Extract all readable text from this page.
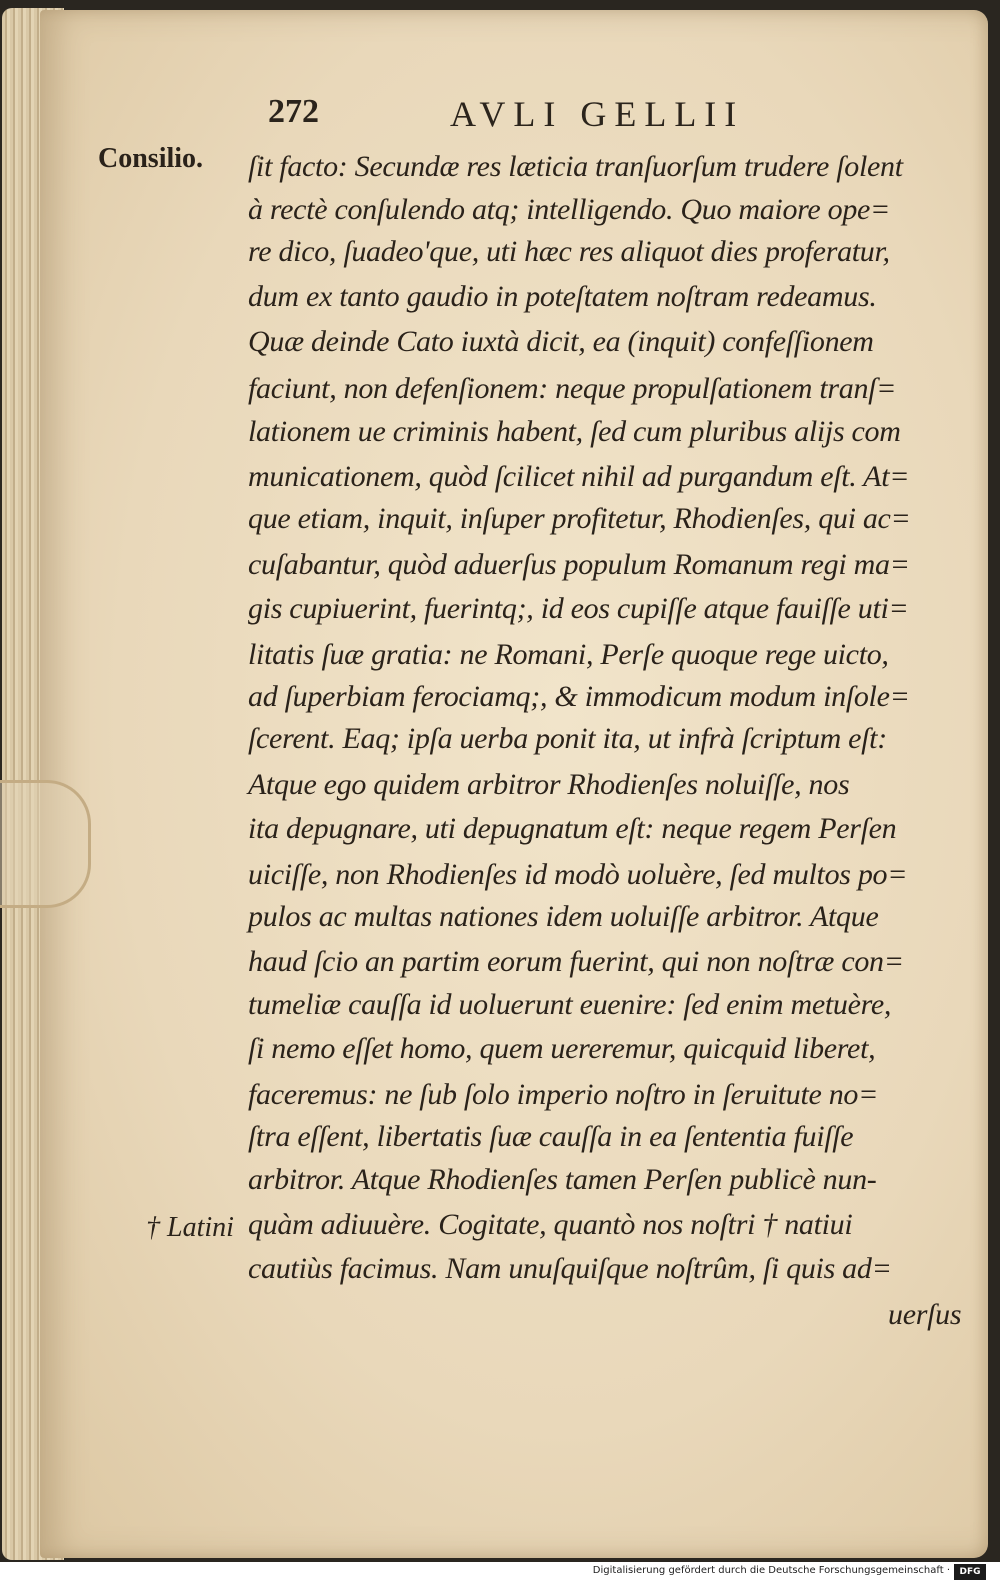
272	AVLI GELLII
Consilio.
† Latini
ſit facto: Secundæ res læticia tranſuorſum trudere ſolent
à rectè conſulendo atq; intelligendo. Quo maiore ope=
re dico, ſuadeo'que, uti hæc res aliquot dies proferatur,
dum ex tanto gaudio in poteſtatem noſtram redeamus.
Quæ deinde Cato iuxtà dicit, ea (inquit) confeſſionem
faciunt, non defenſionem: neque propulſationem tranſ=
lationem ue criminis habent, ſed cum pluribus alijs com
municationem, quòd ſcilicet nihil ad purgandum eſt. At=
que etiam, inquit, inſuper profitetur, Rhodienſes, qui ac=
cuſabantur, quòd aduerſus populum Romanum regi ma=
gis cupiuerint, fuerintq;, id eos cupiſſe atque fauiſſe uti=
litatis ſuæ gratia: ne Romani, Perſe quoque rege uicto,
ad ſuperbiam ferociamq;, & immodicum modum inſole=
ſcerent. Eaq; ipſa uerba ponit ita, ut infrà ſcriptum eſt:
Atque ego quidem arbitror Rhodienſes noluiſſe, nos
ita depugnare, uti depugnatum eſt: neque regem Perſen
uiciſſe, non Rhodienſes id modò uoluère, ſed multos po=
pulos ac multas nationes idem uoluiſſe arbitror. Atque
haud ſcio an partim eorum fuerint, qui non noſtræ con=
tumeliæ cauſſa id uoluerunt euenire: ſed enim metuère,
ſi nemo eſſet homo, quem uereremur, quicquid liberet,
faceremus: ne ſub ſolo imperio noſtro in ſeruitute no=
ſtra eſſent, libertatis ſuæ cauſſa in ea ſententia fuiſſe
arbitror. Atque Rhodienſes tamen Perſen publicè nun-
quàm adiuuère. Cogitate, quantò nos noſtri † natiui
cautiùs facimus. Nam unuſquiſque noſtrûm, ſi quis ad=
uerſus
Digitalisierung gefördert durch die Deutsche Forschungsgemeinschaft ·	DFG
